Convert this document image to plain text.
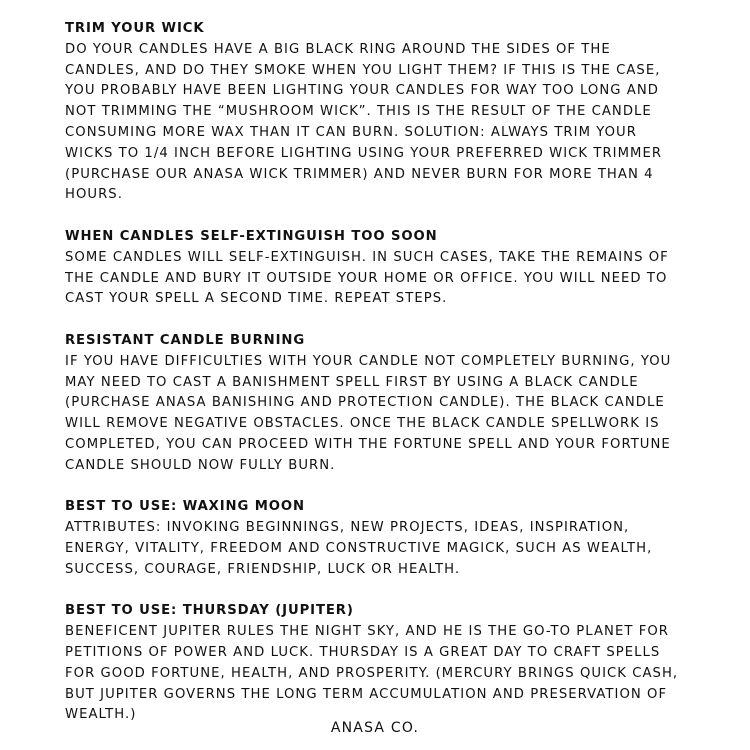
TRIM YOUR WICK

DO YOUR CANDLES HAVE A BIG BLACK RING AROUND THE SIDES OF THE
CANDLES, AND DO THEY SMOKE WHEN YOU LIGHT THEM? IF THIS IS THE CASE,
YOU PROBABLY HAVE BEEN LIGHTING YOUR CANDLES FOR WAY TOO LONG AND
NOT TRIMMING THE “MUSHROOM WICK”. THIS IS THE RESULT OF THE CANDLE
CONSUMING MORE WAX THAN IT CAN BURN. SOLUTION: ALWAYS TRIM YOUR
WICKS TO 1/4 INCH BEFORE LIGHTING USING YOUR PREFERRED WICK TRIMMER
(PURCHASE OUR ANASA WICK TRIMMER) AND NEVER BURN FOR MORE THAN 4
HOURS.

WHEN CANDLES SELF-EXTINGUISH TOO SOON

SOME CANDLES WILL SELF-EXTINGUISH. IN SUCH CASES, TAKE THE REMAINS OF
THE CANDLE AND BURY IT OUTSIDE YOUR HOME OR OFFICE. YOU WILL NEED TO
CAST YOUR SPELL A SECOND TIME. REPEAT STEPS.

RESISTANT CANDLE BURNING

IF YOU HAVE DIFFICULTIES WITH YOUR CANDLE NOT COMPLETELY BURNING, YOU
MAY NEED TO CAST A BANISHMENT SPELL FIRST BY USING A BLACK CANDLE
(PURCHASE ANASA BANISHING AND PROTECTION CANDLE). THE BLACK CANDLE
WILL REMOVE NEGATIVE OBSTACLES. ONCE THE BLACK CANDLE SPELLWORK IS
COMPLETED, YOU CAN PROCEED WITH THE FORTUNE SPELL AND YOUR FORTUNE
CANDLE SHOULD NOW FULLY BURN.

BEST TO USE: WAXING MOON

ATTRIBUTES: INVOKING BEGINNINGS, NEW PROJECTS, IDEAS, INSPIRATION,
ENERGY, VITALITY, FREEDOM AND CONSTRUCTIVE MAGICK, SUCH AS WEALTH,
SUCCESS, COURAGE, FRIENDSHIP, LUCK OR HEALTH.

BEST TO USE: THURSDAY (JUPITER)

BENEFICENT JUPITER RULES THE NIGHT SKY, AND HE IS THE GO-TO PLANET FOR
PETITIONS OF POWER AND LUCK. THURSDAY IS A GREAT DAY TO CRAFT SPELLS
FOR GOOD FORTUNE, HEALTH, AND PROSPERITY. (MERCURY BRINGS QUICK CASH,
BUT JUPITER GOVERNS THE LONG TERM ACCUMULATION AND PRESERVATION OF
WEALTH.)

ANASA CO.
